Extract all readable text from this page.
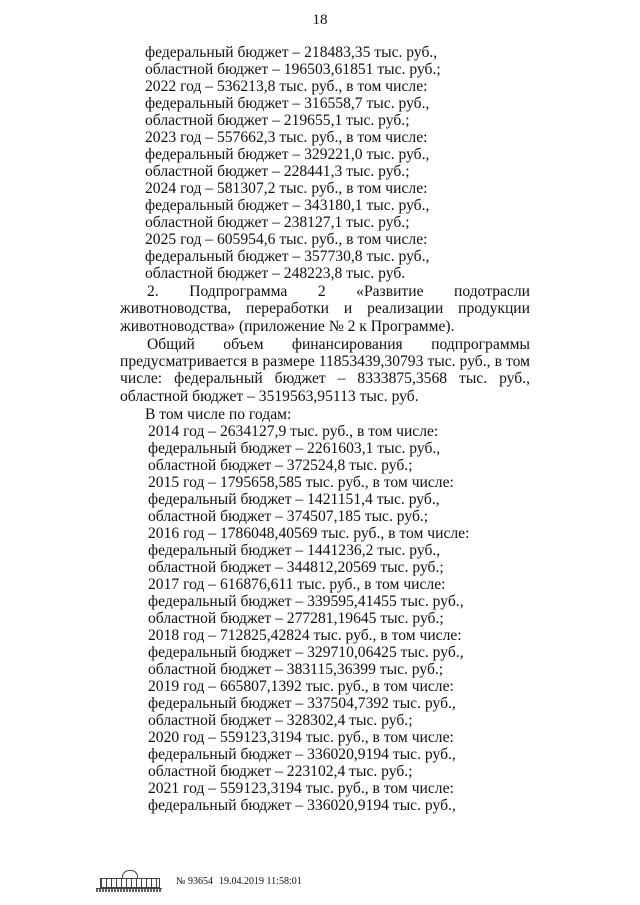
18
федеральный бюджет – 218483,35 тыс. руб.,
областной бюджет – 196503,61851 тыс. руб.;
2022 год – 536213,8 тыс. руб., в том числе:
федеральный бюджет – 316558,7 тыс. руб.,
областной бюджет – 219655,1 тыс. руб.;
2023 год – 557662,3 тыс. руб., в том числе:
федеральный бюджет – 329221,0 тыс. руб.,
областной бюджет – 228441,3 тыс. руб.;
2024 год – 581307,2 тыс. руб., в том числе:
федеральный бюджет – 343180,1 тыс. руб.,
областной бюджет – 238127,1 тыс. руб.;
2025 год – 605954,6 тыс. руб., в том числе:
федеральный бюджет – 357730,8 тыс. руб.,
областной бюджет – 248223,8 тыс. руб.
2. Подпрограмма 2 «Развитие подотрасли животноводства, переработки и реализации продукции животноводства» (приложение № 2 к Программе).
Общий объем финансирования подпрограммы предусматривается в размере 11853439,30793 тыс. руб., в том числе: федеральный бюджет – 8333875,3568 тыс. руб., областной бюджет – 3519563,95113 тыс. руб.
В том числе по годам:
2014 год – 2634127,9 тыс. руб., в том числе:
федеральный бюджет – 2261603,1 тыс. руб.,
областной бюджет – 372524,8 тыс. руб.;
2015 год – 1795658,585 тыс. руб., в том числе:
федеральный бюджет – 1421151,4 тыс. руб.,
областной бюджет – 374507,185 тыс. руб.;
2016 год – 1786048,40569 тыс. руб., в том числе:
федеральный бюджет – 1441236,2 тыс. руб.,
областной бюджет – 344812,20569 тыс. руб.;
2017 год – 616876,611 тыс. руб., в том числе:
федеральный бюджет – 339595,41455 тыс. руб.,
областной бюджет – 277281,19645 тыс. руб.;
2018 год – 712825,42824 тыс. руб., в том числе:
федеральный бюджет – 329710,06425 тыс. руб.,
областной бюджет – 383115,36399 тыс. руб.;
2019 год – 665807,1392 тыс. руб., в том числе:
федеральный бюджет – 337504,7392 тыс. руб.,
областной бюджет – 328302,4 тыс. руб.;
2020 год – 559123,3194 тыс. руб., в том числе:
федеральный бюджет – 336020,9194 тыс. руб.,
областной бюджет – 223102,4 тыс. руб.;
2021 год – 559123,3194 тыс. руб., в том числе:
федеральный бюджет – 336020,9194 тыс. руб.,
№ 93654 19.04.2019 11:58:01
